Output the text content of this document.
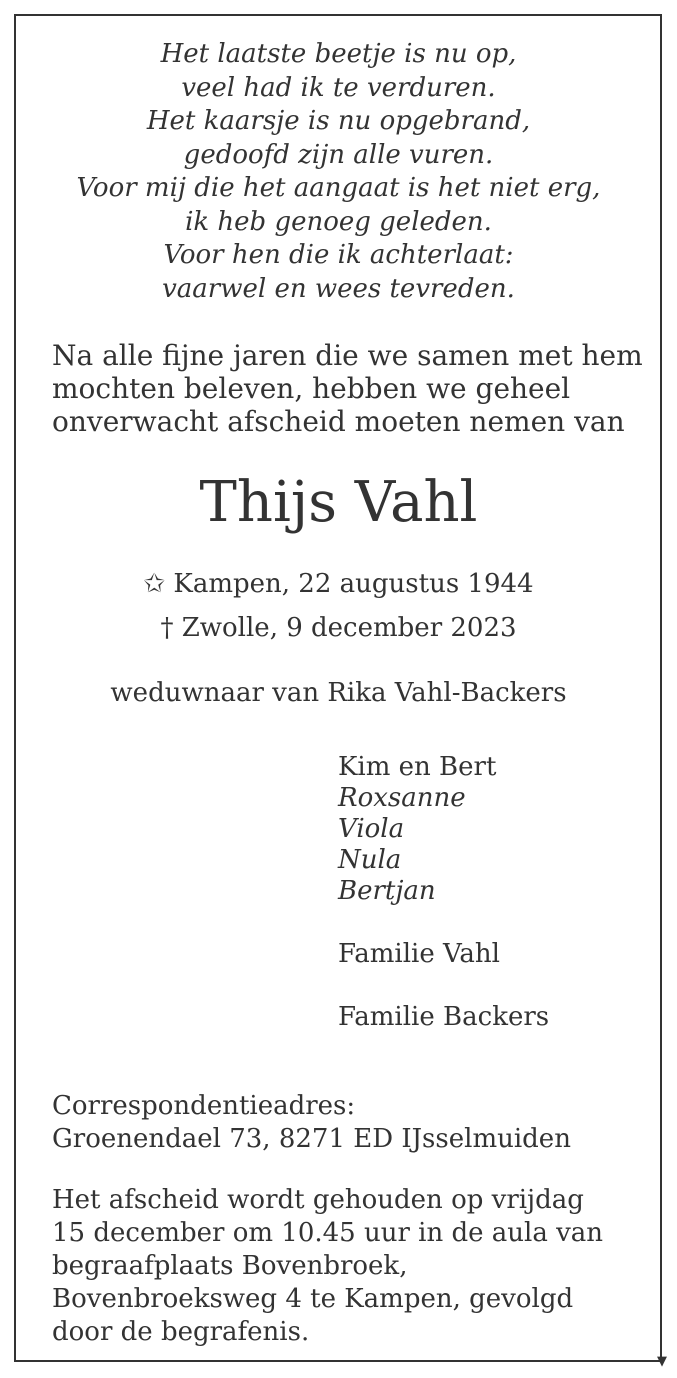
Het laatste beetje is nu op,
veel had ik te verduren.
Het kaarsje is nu opgebrand,
gedoofd zijn alle vuren.
Voor mij die het aangaat is het niet erg,
ik heb genoeg geleden.
Voor hen die ik achterlaat:
vaarwel en wees tevreden.
Na alle fijne jaren die we samen met hem
mochten beleven, hebben we geheel
onverwacht afscheid moeten nemen van
Thijs Vahl
✩ Kampen, 22 augustus 1944
† Zwolle, 9 december 2023
weduwnaar van Rika Vahl-Backers
Kim en Bert
Roxsanne
Viola
Nula
Bertjan
Familie Vahl
Familie Backers
Correspondentieadres:
Groenendael 73, 8271 ED IJsselmuiden
Het afscheid wordt gehouden op vrijdag
15 december om 10.45 uur in de aula van
begraafplaats Bovenbroek,
Bovenbroeksweg 4 te Kampen, gevolgd
door de begrafenis.
▼
